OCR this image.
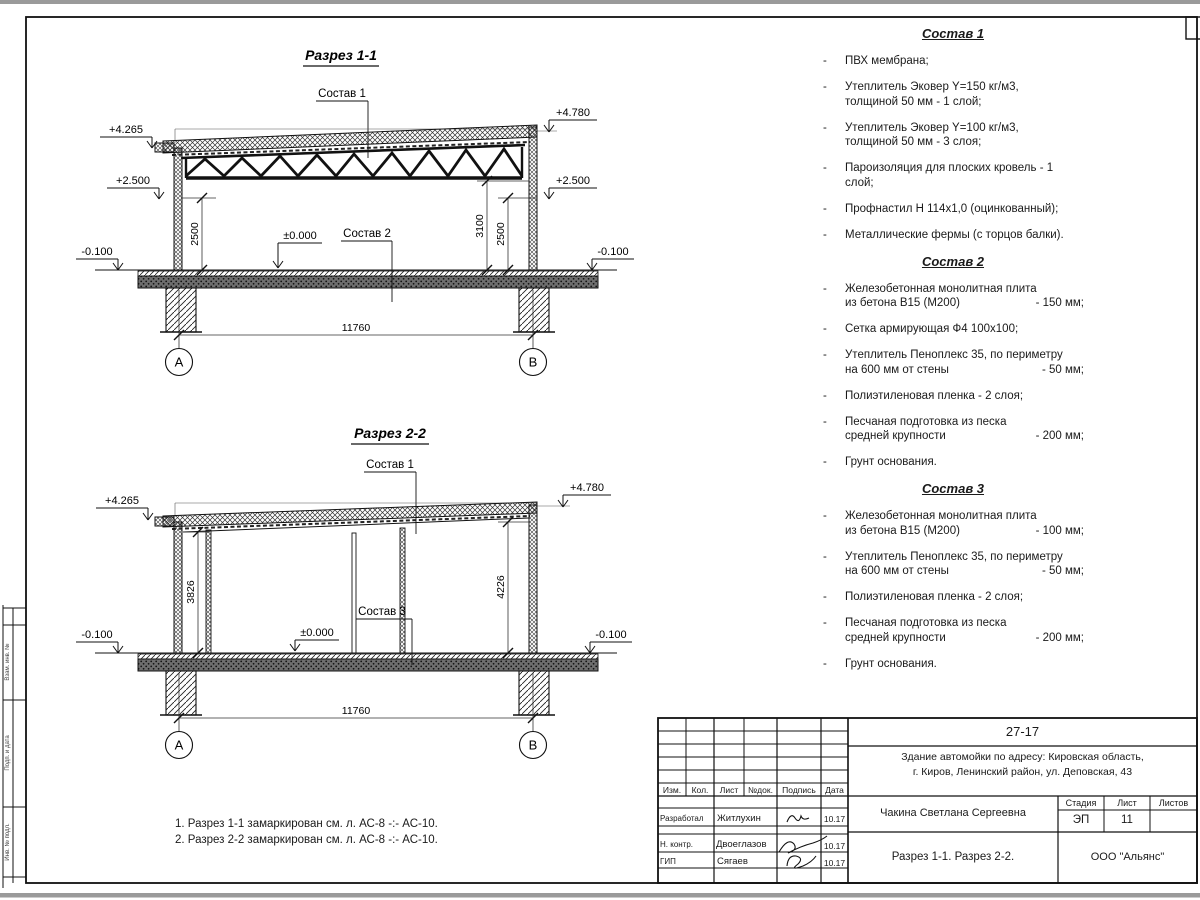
Взам. инв. №
Подп. и дата
Инв. № подл.
Разрез 1-1
Состав 1
2500	3100 2500
11760
А	В
+4.265
+4.780
+2.500	+2.500
±0.000
-0.100	-0.100
Состав 2
Разрез 2-2
Состав 1
3826	4226
11760
А	В
+4.265
+4.780
±0.000
-0.100	-0.100
Состав 3
Состав 1
-	ПВХ мембрана;
-	Утеплитель Эковер Y=150 кг/м3,
толщиной 50 мм - 1 слой;
-	Утеплитель Эковер Y=100 кг/м3,
толщиной 50 мм - 3 слоя;
-	Пароизоляция для плоских кровель - 1 слой;
-	Профнастил Н 114х1,0 (оцинкованный);
-	Металлические фермы (с торцов балки).
Состав 2
-	Железобетонная монолитная плита
из бетона В15 (М200)	- 150 мм;
-	Сетка армирующая Ф4 100х100;
-	Утеплитель Пеноплекс 35, по периметру
на 600 мм от стены	- 50 мм;
-	Полиэтиленовая пленка - 2 слоя;
-	Песчаная подготовка из песка
средней крупности	- 200 мм;
-	Грунт основания.
Состав 3
-	Железобетонная монолитная плита
из бетона В15 (М200)	- 100 мм;
-	Утеплитель Пеноплекс 35, по периметру
на 600 мм от стены	- 50 мм;
-	Полиэтиленовая пленка - 2 слоя;
-	Песчаная подготовка из песка
средней крупности	- 200 мм;
-	Грунт основания.
1. Разрез 1-1 замаркирован см. л. АС-8 -:- АС-10.
2. Разрез 2-2 замаркирован см. л. АС-8 -:- АС-10.
Изм.	Кол.	Лист	№док.	Подпись	Дата
Разработал Житлухин	10.17
Н. контр. Двоеглазов	10.17
ГИП	Сягаев	10.17
27-17
Здание автомойки по адресу: Кировская область,
г. Киров, Ленинский район, ул. Деповская, 43
Чакина Светлана Сергеевна
Стадия	Лист	Листов
ЭП	11
Разрез 1-1. Разрез 2-2.	ООО "Альянс"
